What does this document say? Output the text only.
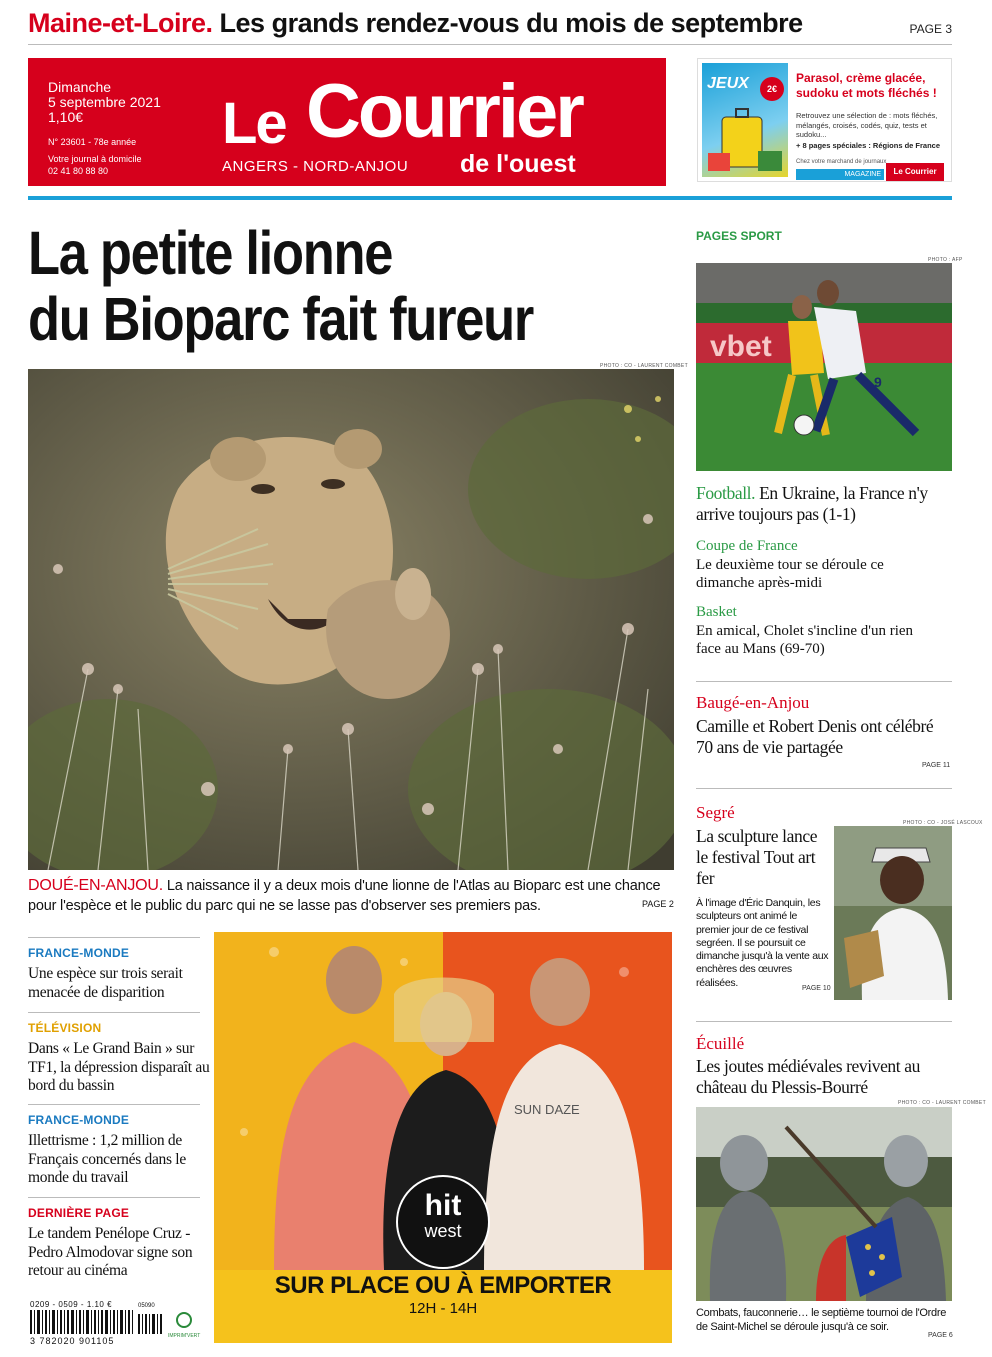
Maine-et-Loire. Les grands rendez-vous du mois de septembre	PAGE 3
Dimanche
5 septembre 2021
1,10€
N° 23601 - 78e année
Votre journal à domicile
02 41 80 88 80
Le Courrier
ANGERS - NORD-ANJOU de l'ouest
JEUX	2€
Parasol, crème glacée, sudoku et mots fléchés !
Retrouvez une sélection de : mots fléchés, mélangés, croisés, codés, quiz, tests et sudoku...
+ 8 pages spéciales : Régions de France
Chez votre marchand de journaux
MAGAZINE	Le Courrier
La petite lionne
du Bioparc fait fureur
PHOTO : CO - LAURENT COMBET
DOUÉ-EN-ANJOU. La naissance il y a deux mois d'une lionne de l'Atlas au Bioparc est une chance pour l'espèce et le public du parc qui ne se lasse pas d'observer ses premiers pas.	PAGE 2
FRANCE-MONDE
Une espèce sur trois serait menacée de disparition
TÉLÉVISION
Dans « Le Grand Bain » sur TF1, la dépression disparaît au bord du bassin
FRANCE-MONDE
Illettrisme : 1,2 million de Français concernés dans le monde du travail
DERNIÈRE PAGE
Le tandem Penélope Cruz -Pedro Almodovar signe son retour au cinéma
0209 - 0509 - 1.10 €	05090
3 782020 901105	IMPRIM'VERT
SUN DAZE
hit
west
SUR PLACE OU À EMPORTER
12H - 14H
PAGES SPORT
PHOTO : AFP
vbet
9
Football. En Ukraine, la France n'y arrive toujours pas (1-1)
Coupe de France
Le deuxième tour se déroule ce dimanche après-midi
Basket
En amical, Cholet s'incline d'un rien face au Mans (69-70)
Baugé-en-Anjou
Camille et Robert Denis ont célébré 70 ans de vie partagée
PAGE 11
Segré
La sculpture lance le festival Tout art fer
PHOTO : CO - JOSÉ LASCOUX
À l'image d'Éric Danquin, les sculpteurs ont animé le premier jour de ce festival segréen. Il se poursuit ce dimanche jusqu'à la vente aux enchères des œuvres réalisées.	PAGE 10
Écuillé
Les joutes médiévales revivent au château du Plessis-Bourré
PHOTO : CO - LAURENT COMBET
Combats, fauconnerie… le septième tournoi de l'Ordre de Saint-Michel se déroule jusqu'à ce soir.
PAGE 6
